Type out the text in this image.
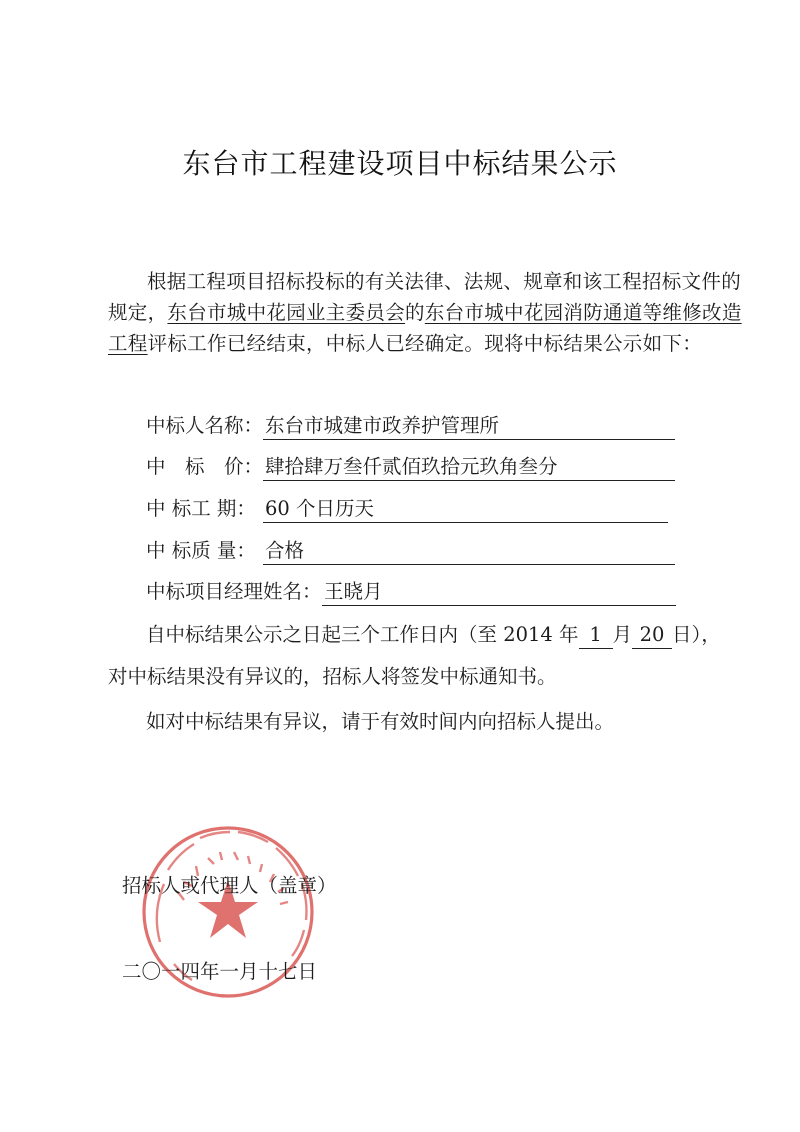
东台市工程建设项目中标结果公示
根据工程项目招标投标的有关法律、法规、规章和该工程招标文件的规定，东台市城中花园业主委员会的东台市城中花园消防通道等维修改造工程评标工作已经结束，中标人已经确定。现将中标结果公示如下：
中标人名称： 东台市城建市政养护管理所
中　标　价： 肆拾肆万叁仟贰佰玖拾元玖角叁分
中 标工 期： 60 个日历天
中 标质 量： 合格
中标项目经理姓名： 王晓月
自中标结果公示之日起三个工作日内（至 2014 年 1 月 20 日），
对中标结果没有异议的，招标人将签发中标通知书。
如对中标结果有异议，请于有效时间内向招标人提出。
招标人或代理人（盖章）
二〇一四年一月十七日
